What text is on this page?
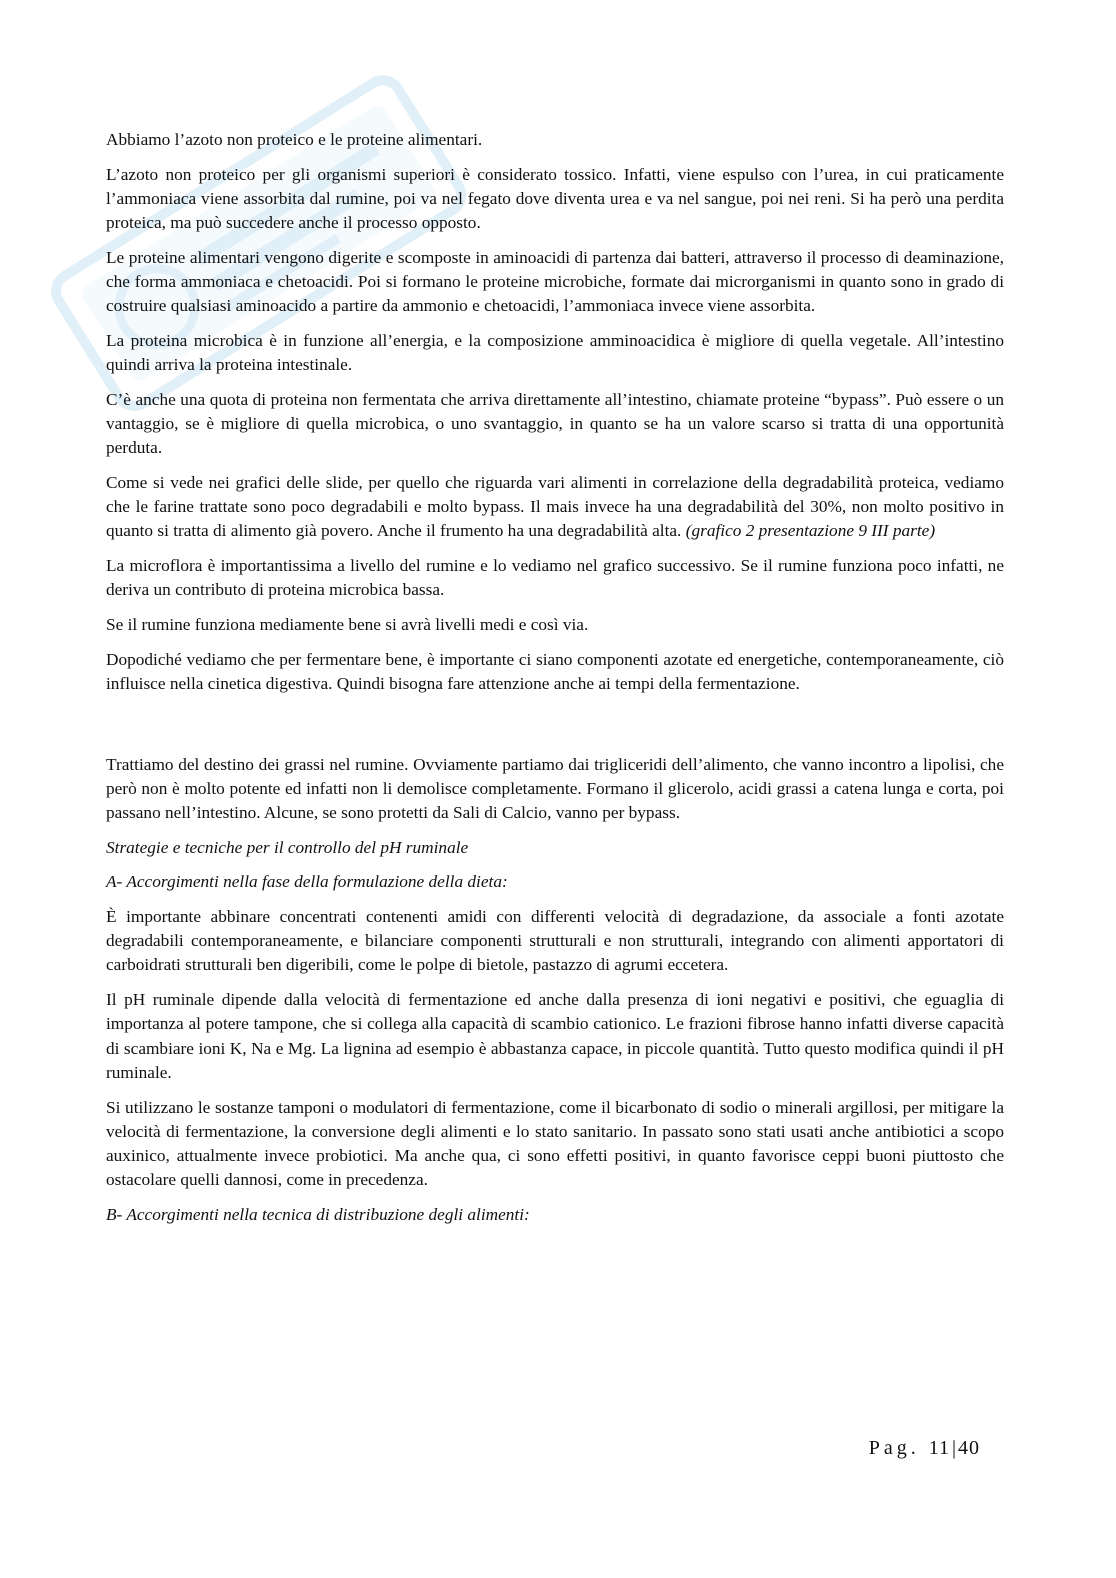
Abbiamo l’azoto non proteico e le proteine alimentari.

L’azoto non proteico per gli organismi superiori è considerato tossico. Infatti, viene espulso con l’urea, in cui praticamente l’ammoniaca viene assorbita dal rumine, poi va nel fegato dove diventa urea e va nel sangue, poi nei reni. Si ha però una perdita proteica, ma può succedere anche il processo opposto.

Le proteine alimentari vengono digerite e scomposte in aminoacidi di partenza dai batteri, attraverso il processo di deaminazione, che forma ammoniaca e chetoacidi. Poi si formano le proteine microbiche, formate dai microrganismi in quanto sono in grado di costruire qualsiasi aminoacido a partire da ammonio e chetoacidi, l’ammoniaca invece viene assorbita.

La proteina microbica è in funzione all’energia, e la composizione amminoacidica è migliore di quella vegetale. All’intestino quindi arriva la proteina intestinale.

C’è anche una quota di proteina non fermentata che arriva direttamente all’intestino, chiamate proteine “bypass”. Può essere o un vantaggio, se è migliore di quella microbica, o uno svantaggio, in quanto se ha un valore scarso si tratta di una opportunità perduta.

Come si vede nei grafici delle slide, per quello che riguarda vari alimenti in correlazione della degradabilità proteica, vediamo che le farine trattate sono poco degradabili e molto bypass. Il mais invece ha una degradabilità del 30%, non molto positivo in quanto si tratta di alimento già povero. Anche il frumento ha una degradabilità alta. (grafico 2 presentazione 9 III parte)

La microflora è importantissima a livello del rumine e lo vediamo nel grafico successivo. Se il rumine funziona poco infatti, ne deriva un contributo di proteina microbica bassa.

Se il rumine funziona mediamente bene si avrà livelli medi e così via.

Dopodiché vediamo che per fermentare bene, è importante ci siano componenti azotate ed energetiche, contemporaneamente, ciò influisce nella cinetica digestiva. Quindi bisogna fare attenzione anche ai tempi della fermentazione.

Trattiamo del destino dei grassi nel rumine. Ovviamente partiamo dai trigliceridi dell’alimento, che vanno incontro a lipolisi, che però non è molto potente ed infatti non li demolisce completamente. Formano il glicerolo, acidi grassi a catena lunga e corta, poi passano nell’intestino. Alcune, se sono protetti da Sali di Calcio, vanno per bypass.

Strategie e tecniche per il controllo del pH ruminale

A- Accorgimenti nella fase della formulazione della dieta:

È importante abbinare concentrati contenenti amidi con differenti velocità di degradazione, da associale a fonti azotate degradabili contemporaneamente, e bilanciare componenti strutturali e non strutturali, integrando con alimenti apportatori di carboidrati strutturali ben digeribili, come le polpe di bietole, pastazzo di agrumi eccetera.

Il pH ruminale dipende dalla velocità di fermentazione ed anche dalla presenza di ioni negativi e positivi, che eguaglia di importanza al potere tampone, che si collega alla capacità di scambio cationico. Le frazioni fibrose hanno infatti diverse capacità di scambiare ioni K, Na e Mg. La lignina ad esempio è abbastanza capace, in piccole quantità. Tutto questo modifica quindi il pH ruminale.

Si utilizzano le sostanze tamponi o modulatori di fermentazione, come il bicarbonato di sodio o minerali argillosi, per mitigare la velocità di fermentazione, la conversione degli alimenti e lo stato sanitario. In passato sono stati usati anche antibiotici a scopo auxinico, attualmente invece probiotici. Ma anche qua, ci sono effetti positivi, in quanto favorisce ceppi buoni piuttosto che ostacolare quelli dannosi, come in precedenza.

B- Accorgimenti nella tecnica di distribuzione degli alimenti:

Pag. 11 | 40
